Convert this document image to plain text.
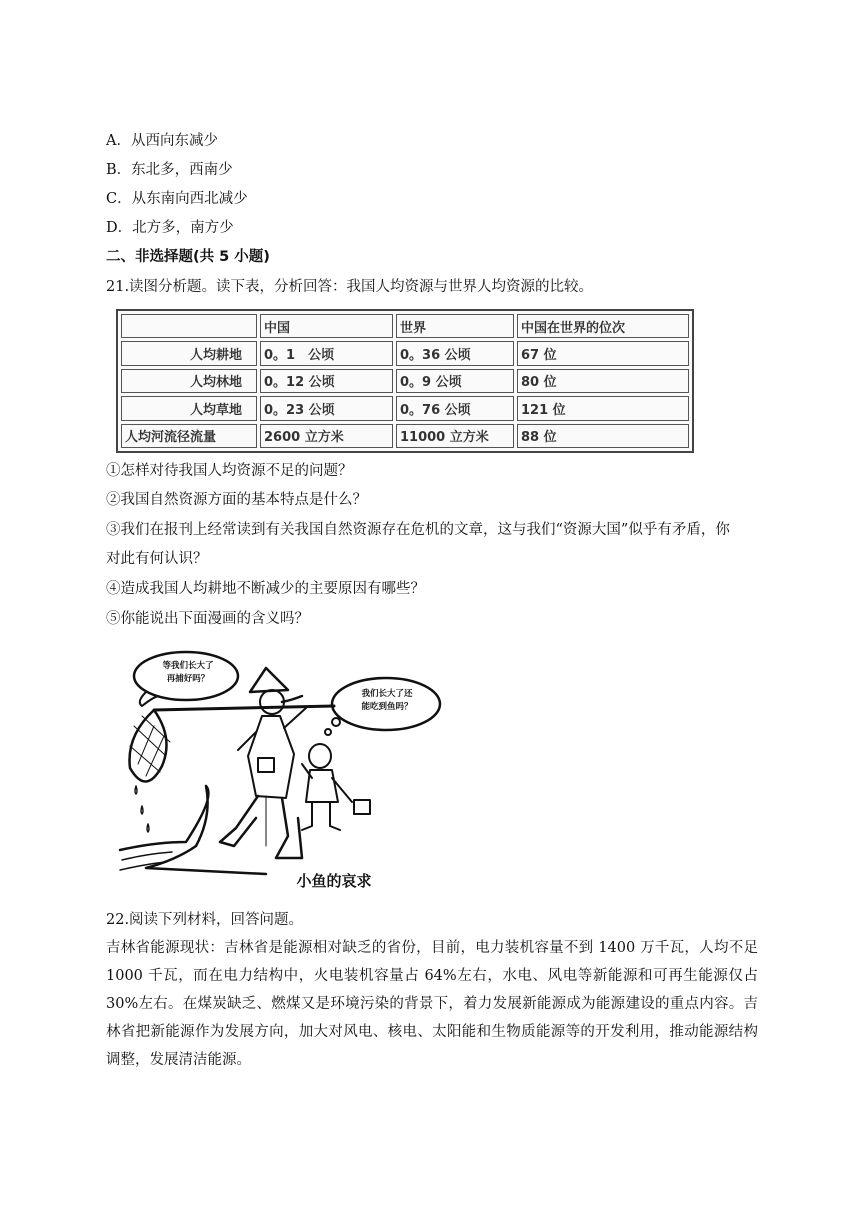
A．从西向东减少
B．东北多，西南少
C．从东南向西北减少
D．北方多，南方少
二、非选择题(共 5 小题)
21.读图分析题。读下表，分析回答：我国人均资源与世界人均资源的比较。
	中国	世界	中国在世界的位次
人均耕地	0。1　公顷	0。36 公顷	67 位
人均林地	0。12 公顷	0。9 公顷	80 位
人均草地	0。23 公顷	0。76 公顷	121 位
人均河流径流量	2600 立方米	11000 立方米	88 位
①怎样对待我国人均资源不足的问题？
②我国自然资源方面的基本特点是什么？
③我们在报刊上经常读到有关我国自然资源存在危机的文章，这与我们“资源大国”似乎有矛盾，你
对此有何认识？
④造成我国人均耕地不断减少的主要原因有哪些？
⑤你能说出下面漫画的含义吗？
等我们长大了
再捕好吗？
我们长大了还
能吃到鱼吗？
小鱼的哀求
22.阅读下列材料，回答问题。

吉林省能源现状：吉林省是能源相对缺乏的省份，目前，电力装机容量不到 1400 万千瓦，人均不足 1000 千瓦，而在电力结构中，火电装机容量占 64%左右，水电、风电等新能源和可再生能源仅占 30%左右。在煤炭缺乏、燃煤又是环境污染的背景下，着力发展新能源成为能源建设的重点内容。吉林省把新能源作为发展方向，加大对风电、核电、太阳能和生物质能源等的开发利用，推动能源结构调整，发展清洁能源。
